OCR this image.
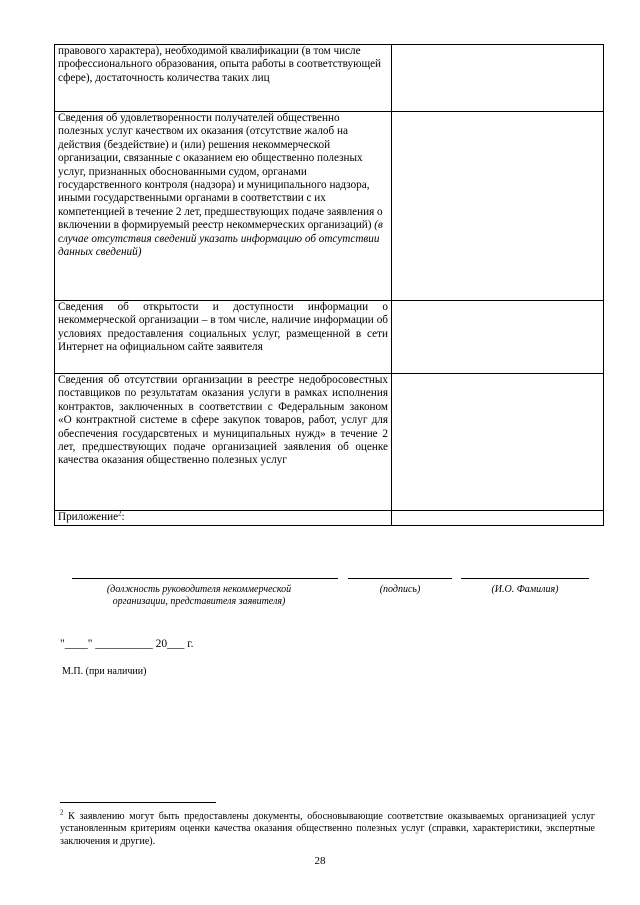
правового характера), необходимой квалификации (в том числе профессионального образования, опыта работы в соответствующей сфере), достаточность количества таких лиц	
Сведения об удовлетворенности получателей общественно полезных услуг качеством их оказания (отсутствие жалоб на действия (бездействие) и (или) решения некоммерческой организации, связанные с оказанием ею общественно полезных услуг, признанных обоснованными судом, органами государственного контроля (надзора) и муниципального надзора, иными государственными органами в соответствии с их компетенцией в течение 2 лет, предшествующих подаче заявления о включении в формируемый реестр некоммерческих организаций) (в случае отсутствия сведений указать информацию об отсутствии данных сведений)	
Сведения об открытости и доступности информации о некоммерческой организации – в том числе, наличие информации об условиях предоставления социальных услуг, размещенной в сети Интернет на официальном сайте заявителя	
Сведения об отсутствии организации в реестре недобросовестных поставщиков по результатам оказания услуги в рамках исполнения контрактов, заключенных в соответствии с Федеральным законом «О контрактной системе в сфере закупок товаров, работ, услуг для обеспечения государсвтеных и муниципальных нужд» в течение 2 лет, предшествующих подаче организацией заявления об оценке качества оказания общественно полезных услуг	
Приложение$^2$:	
(должность руководителя некоммерческой
организации, представителя заявителя)
(подпись)	(И.О. Фамилия)
"____" __________ 20___ г.
М.П. (при наличии)
$^2$ К заявлению могут быть предоставлены документы, обосновывающие соответствие оказываемых организацией услуг установленным критериям оценки качества оказания общественно полезных услуг (справки, характеристики, экспертные заключения и другие).
28
